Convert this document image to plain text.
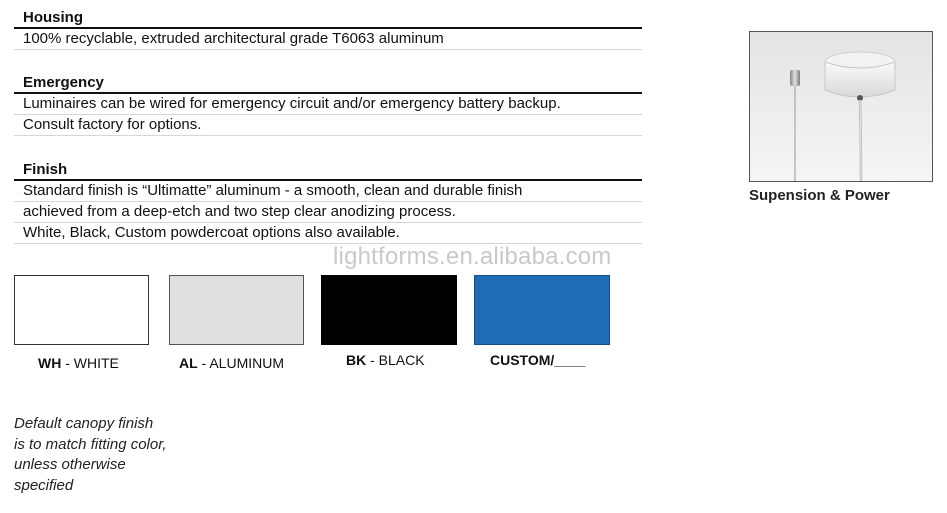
Housing
100% recyclable, extruded architectural grade T6063 aluminum
Emergency
Luminaires can be wired for emergency circuit and/or emergency battery backup.
Consult factory for options.
Finish
Standard finish is “Ultimatte” aluminum - a smooth, clean and durable finish
achieved from a deep-etch and two step clear anodizing process.
White, Black, Custom powdercoat options also available.
lightforms.en.alibaba.com
WH - WHITE	AL - ALUMINUM	BK - BLACK	CUSTOM/____
Default canopy finish
is to match fitting color,
unless otherwise
specified
Supension & Power
